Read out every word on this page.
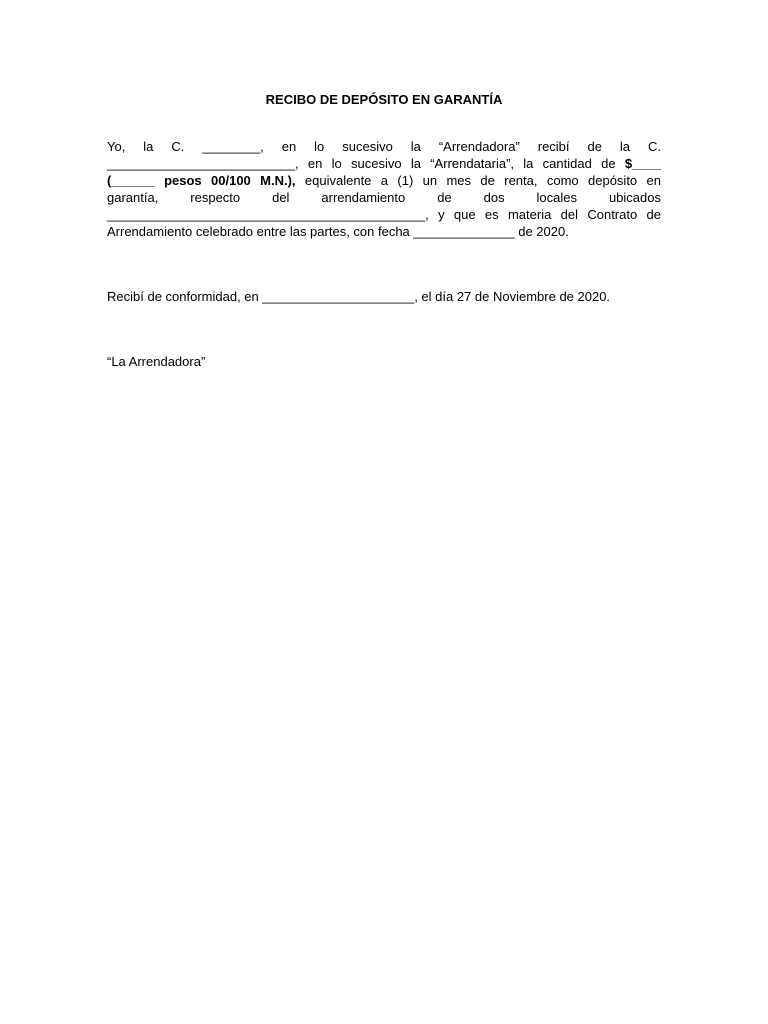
RECIBO DE DEPÓSITO EN GARANTÍA
Yo, la C. ________, en lo sucesivo la “Arrendadora” recibí de la C.
__________________________, en lo sucesivo la “Arrendataria”, la cantidad de $____
(______ pesos 00/100 M.N.), equivalente a (1) un mes de renta, como depósito en
garantía, respecto del arrendamiento de dos locales ubicados
____________________________________________, y que es materia del Contrato de
Arrendamiento celebrado entre las partes, con fecha ______________ de 2020.
Recibí de conformidad, en _____________________, el día 27 de Noviembre de 2020.
“La Arrendadora”
